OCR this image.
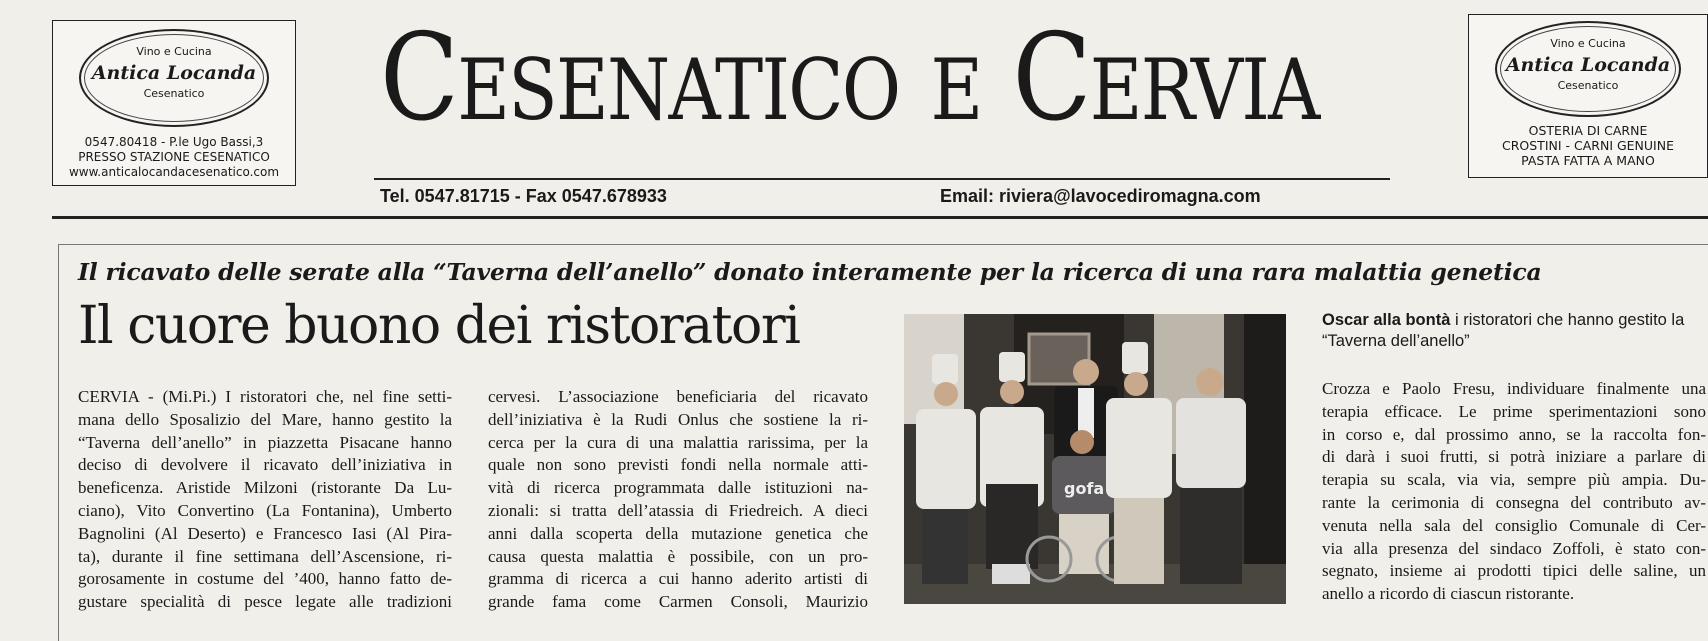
Vino e Cucina
Antica Locanda
Cesenatico
0547.80418 - P.le Ugo Bassi,3
PRESSO STAZIONE CESENATICO
www.anticalocandacesenatico.com
Cesenatico e Cervia
Tel. 0547.81715 - Fax 0547.678933	Email: riviera@lavocediromagna.com
Vino e Cucina
Antica Locanda
Cesenatico
OSTERIA DI CARNE
CROSTINI - CARNI GENUINE
PASTA FATTA A MANO
Il ricavato delle serate alla “Taverna dell’anello” donato interamente per la ricerca di una rara malattia genetica
Il cuore buono dei ristoratori
CERVIA - (Mi.Pi.) I ristoratori che, nel fine setti-
mana dello Sposalizio del Mare, hanno gestito la
“Taverna dell’anello” in piazzetta Pisacane hanno
deciso di devolvere il ricavato dell’iniziativa in
beneficenza. Aristide Milzoni (ristorante Da Lu-
ciano), Vito Convertino (La Fontanina), Umberto
Bagnolini (Al Deserto) e Francesco Iasi (Al Pira-
ta), durante il fine settimana dell’Ascensione, ri-
gorosamente in costume del ’400, hanno fatto de-
gustare specialità di pesce legate alle tradizioni
cervesi. L’associazione beneficiaria del ricavato
dell’iniziativa è la Rudi Onlus che sostiene la ri-
cerca per la cura di una malattia rarissima, per la
quale non sono previsti fondi nella normale atti-
vità di ricerca programmata dalle istituzioni na-
zionali: si tratta dell’atassia di Friedreich. A dieci
anni dalla scoperta della mutazione genetica che
causa questa malattia è possibile, con un pro-
gramma di ricerca a cui hanno aderito artisti di
grande fama come Carmen Consoli, Maurizio
gofa
Oscar alla bontà i ristoratori che hanno gestito la “Taverna dell’anello”
Crozza e Paolo Fresu, individuare finalmente una
terapia efficace. Le prime sperimentazioni sono
in corso e, dal prossimo anno, se la raccolta fon-
di darà i suoi frutti, si potrà iniziare a parlare di
terapia su scala, via via, sempre più ampia. Du-
rante la cerimonia di consegna del contributo av-
venuta nella sala del consiglio Comunale di Cer-
via alla presenza del sindaco Zoffoli, è stato con-
segnato, insieme ai prodotti tipici delle saline, un
anello a ricordo di ciascun ristorante.
